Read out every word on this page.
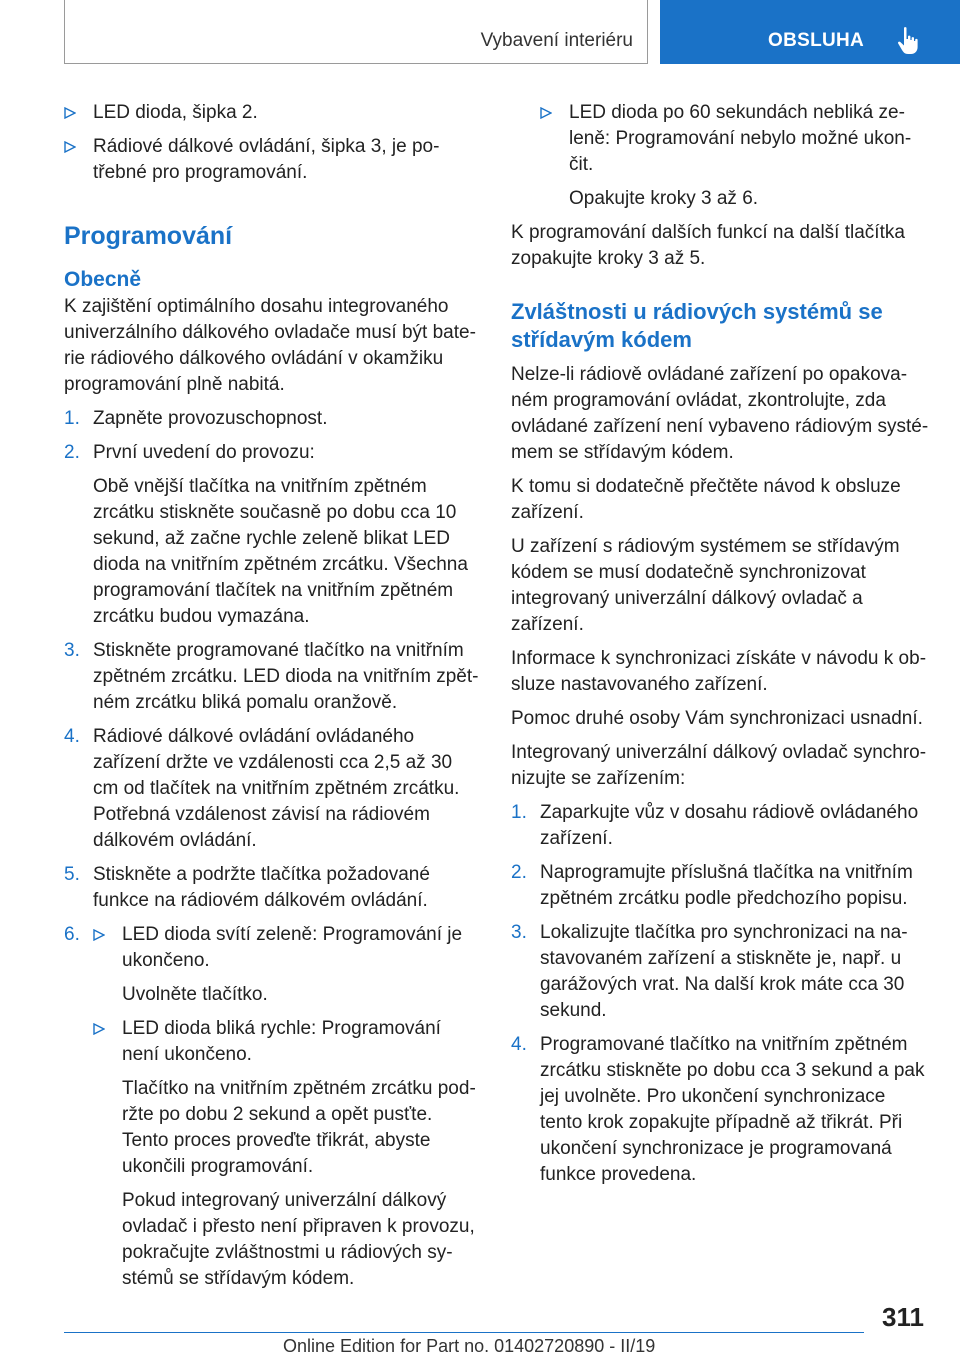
Vybavení interiéru	OBSLUHA
LED dioda, šipka 2.
Rádiové dálkové ovládání, šipka 3, je potřebné pro programování.
Programování
Obecně

K zajištění optimálního dosahu integrovaného univerzálního dálkového ovladače musí být baterie rádiového dálkového ovládání v okamžiku programování plně nabitá.

1. Zapněte provozuschopnost.
2. První uvedení do provozu:
Obě vnější tlačítka na vnitřním zpětném zrcátku stiskněte současně po dobu cca 10 sekund, až začne rychle zeleně blikat LED dioda na vnitřním zpětném zrcátku. Všechna programování tlačítek na vnitřním zpětném zrcátku budou vymazána.
3. Stiskněte programované tlačítko na vnitřním zpětném zrcátku. LED dioda na vnitřním zpětném zrcátku bliká pomalu oranžově.
4. Rádiové dálkové ovládání ovládaného zařízení držte ve vzdálenosti cca 2,5 až 30 cm od tlačítek na vnitřním zpětném zrcátku. Potřebná vzdálenost závisí na rádiovém dálkovém ovládání.
5. Stiskněte a podržte tlačítka požadované funkce na rádiovém dálkovém ovládání.
6.	LED dioda svítí zeleně: Programování je ukončeno.
Uvolněte tlačítko.
LED dioda bliká rychle: Programování není ukončeno.
Tlačítko na vnitřním zpětném zrcátku podržte po dobu 2 sekund a opět pusťte. Tento proces proveďte třikrát, abyste ukončili programování.
Pokud integrovaný univerzální dálkový ovladač i přesto není připraven k provozu, pokračujte zvláštnostmi u rádiových systémů se střídavým kódem.
LED dioda po 60 sekundách nebliká zeleně: Programování nebylo možné ukončit.
Opakujte kroky 3 až 6.

K programování dalších funkcí na další tlačítka zopakujte kroky 3 až 5.

Zvláštnosti u rádiových systémů se střídavým kódem

Nelze-li rádiově ovládané zařízení po opakovaném programování ovládat, zkontrolujte, zda ovládané zařízení není vybaveno rádiovým systémem se střídavým kódem.

K tomu si dodatečně přečtěte návod k obsluze zařízení.

U zařízení s rádiovým systémem se střídavým kódem se musí dodatečně synchronizovat integrovaný univerzální dálkový ovladač a zařízení.

Informace k synchronizaci získáte v návodu k obsluze nastavovaného zařízení.

Pomoc druhé osoby Vám synchronizaci usnadní.

Integrovaný univerzální dálkový ovladač synchronizujte se zařízením:

1. Zaparkujte vůz v dosahu rádiově ovládaného zařízení.
2. Naprogramujte příslušná tlačítka na vnitřním zpětném zrcátku podle předchozího popisu.
3. Lokalizujte tlačítka pro synchronizaci na nastavovaném zařízení a stiskněte je, např. u garážových vrat. Na další krok máte cca 30 sekund.
4. Programované tlačítko na vnitřním zpětném zrcátku stiskněte po dobu cca 3 sekund a pak jej uvolněte. Pro ukončení synchronizace tento krok zopakujte případně až třikrát. Při ukončení synchronizace je programovaná funkce provedena.
311
Online Edition for Part no. 01402720890 - II/19
